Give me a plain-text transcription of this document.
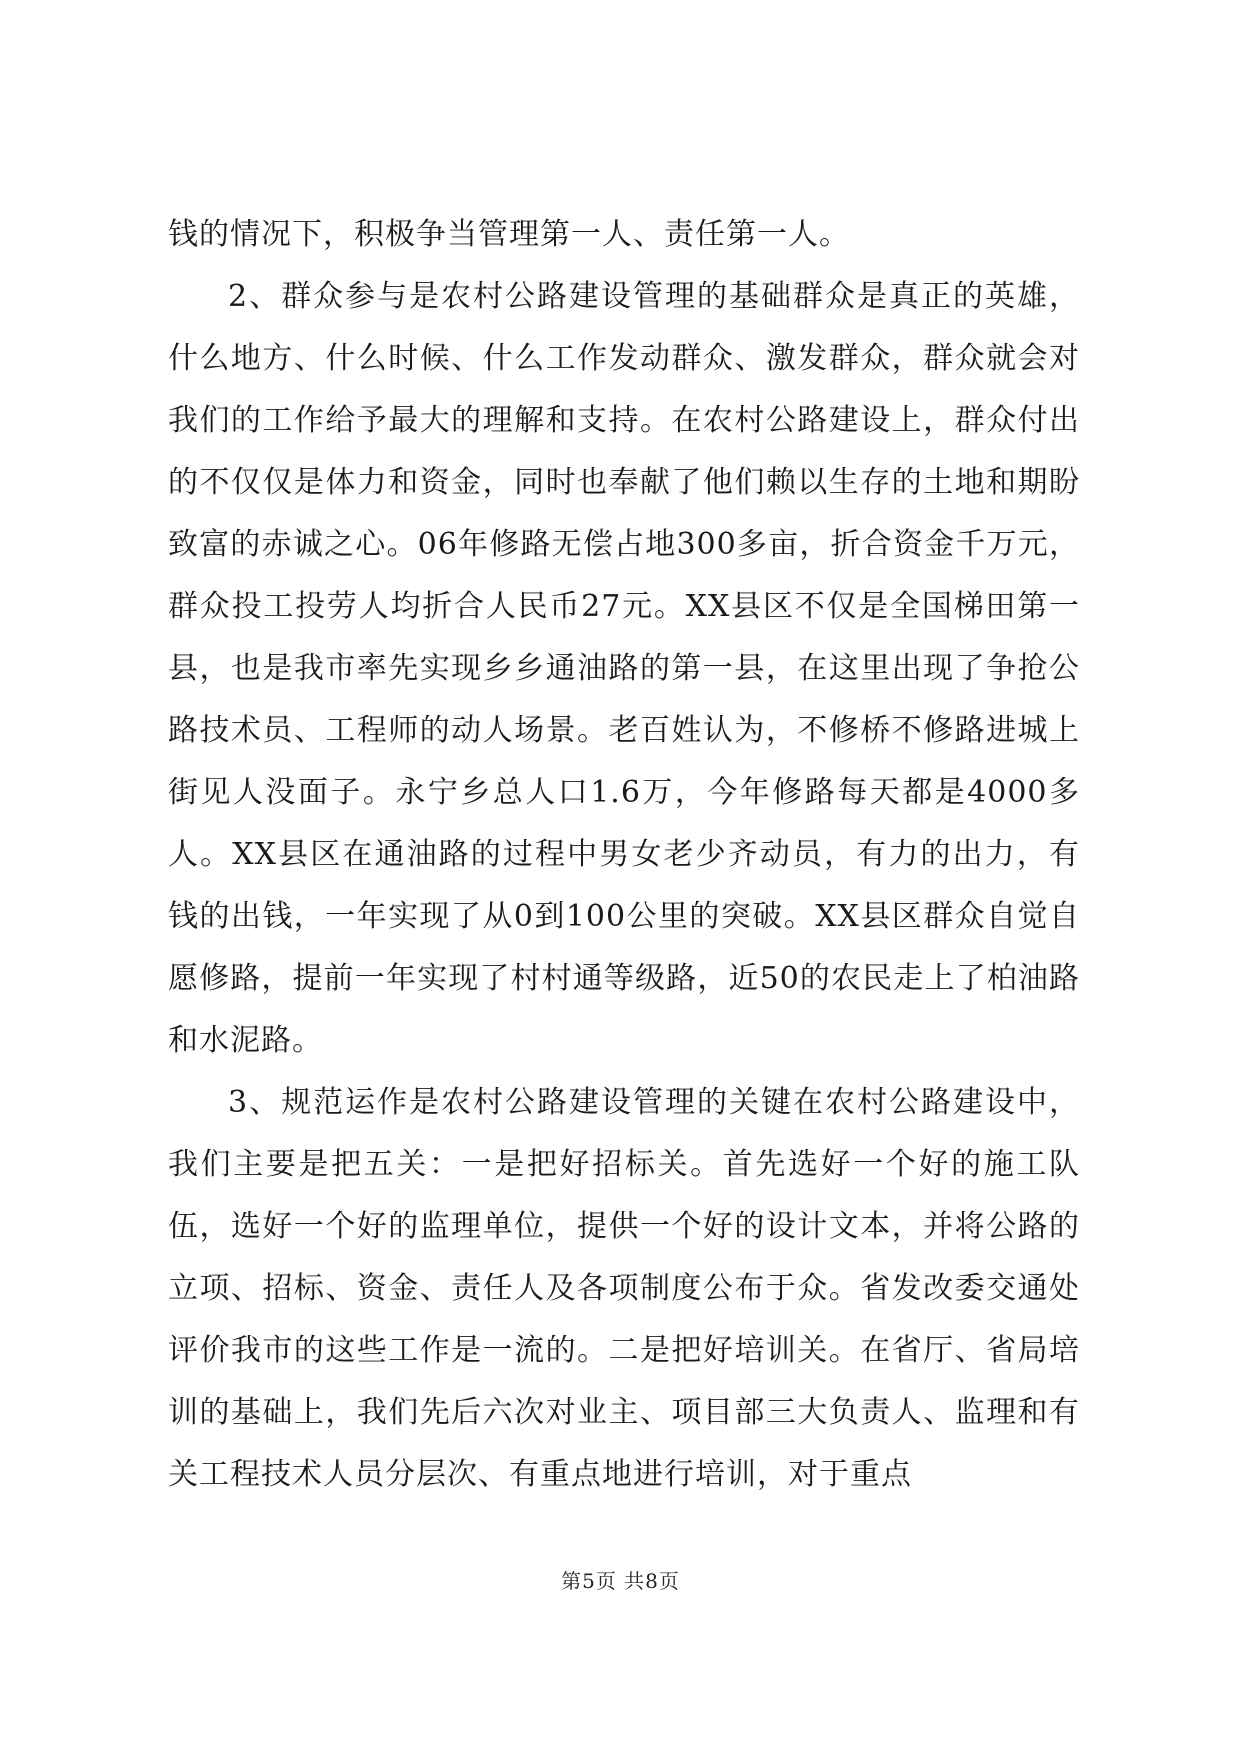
钱的情况下，积极争当管理第一人、责任第一人。

2、群众参与是农村公路建设管理的基础群众是真正的英雄，什么地方、什么时候、什么工作发动群众、激发群众，群众就会对我们的工作给予最大的理解和支持。在农村公路建设上，群众付出的不仅仅是体力和资金，同时也奉献了他们赖以生存的土地和期盼致富的赤诚之心。06年修路无偿占地300多亩，折合资金千万元，群众投工投劳人均折合人民币27元。XX县区不仅是全国梯田第一县，也是我市率先实现乡乡通油路的第一县，在这里出现了争抢公路技术员、工程师的动人场景。老百姓认为，不修桥不修路进城上街见人没面子。永宁乡总人口1.6万，今年修路每天都是4000多人。XX县区在通油路的过程中男女老少齐动员，有力的出力，有钱的出钱，一年实现了从0到100公里的突破。XX县区群众自觉自愿修路，提前一年实现了村村通等级路，近50的农民走上了柏油路和水泥路。

3、规范运作是农村公路建设管理的关键在农村公路建设中，我们主要是把五关：一是把好招标关。首先选好一个好的施工队伍，选好一个好的监理单位，提供一个好的设计文本，并将公路的立项、招标、资金、责任人及各项制度公布于众。省发改委交通处评价我市的这些工作是一流的。二是把好培训关。在省厅、省局培训的基础上，我们先后六次对业主、项目部三大负责人、监理和有关工程技术人员分层次、有重点地进行培训，对于重点

第5页 共8页
